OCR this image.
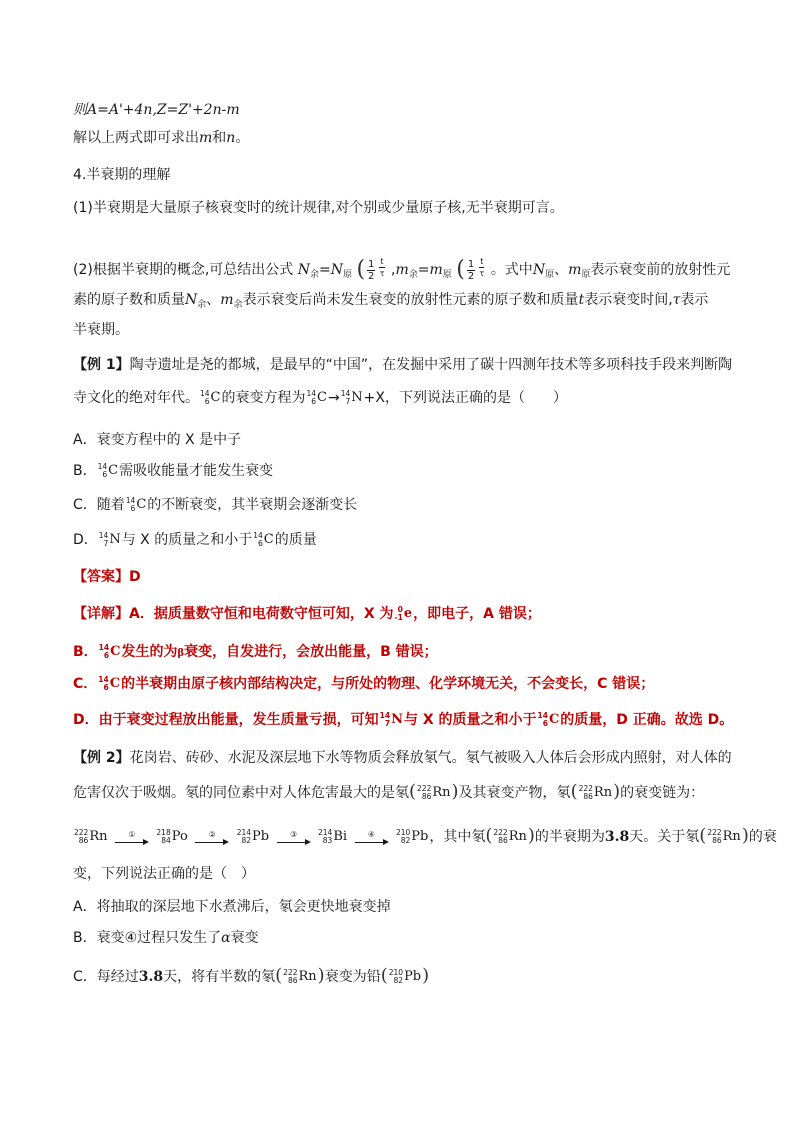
则A=A'+4n,Z=Z'+2n-m
解以上两式即可求出m和n。
4.半衰期的理解
(1)半衰期是大量原子核衰变时的统计规律,对个别或少量原子核,无半衰期可言。
(2)根据半衰期的概念,可总结出公式 $N_余=N_原$ ( $\frac{1}{2} \frac{t}{\tau} ,m_余=m_原$ ( $\frac{1}{2} \frac{t}{\tau}$ 。式中$N_原$、$m_原$表示衰变前的放射性元
素的原子数和质量$N_余$、$m_余$表示衰变后尚未发生衰变的放射性元素的原子数和质量t表示衰变时间,τ表示
半衰期。
【例 1】陶寺遗址是尧的都城，是最早的“中国”，在发掘中采用了碳十四测年技术等多项科技手段来判断陶
寺文化的绝对年代。 14
6 C 的衰变方程为 14
6 C → 14
7 N +X，下列说法正确的是（　　）
A．衰变方程中的 X 是中子
B． 14
6 C 需吸收能量才能发生衰变
C．随着 14
6 C 的不断衰变，其半衰期会逐渐变长
D． 14
7 N 与 X 的质量之和小于 14
6 C 的质量
【答案】D
【详解】A．据质量数守恒和电荷数守恒可知，X 为 0
-1 e ，即电子，A 错误；
B． 14
6 C 发生的为β衰变，自发进行，会放出能量，B 错误；
C． 14
6 C 的半衰期由原子核内部结构决定，与所处的物理、化学环境无关，不会变长，C 错误；
D．由于衰变过程放出能量，发生质量亏损，可知 14
7 N 与 X 的质量之和小于 14
6 C 的质量，D 正确。故选 D。
【例 2】花岗岩、砖砂、水泥及深层地下水等物质会释放氡气。氡气被吸入人体后会形成内照射，对人体的
危害仅次于吸烟。氡的同位素中对人体危害最大的是氡( 222
86 Rn )及其衰变产物，氡( 222
86 Rn )的衰变链为：
222
86 Rn
	①
	218
84 Po
	②
	214
82 Pb
	③
	214
83 Bi
	④
	210
82 Pb ，其中氡( 222
86 Rn )的半衰期为3.8天。关于氡( 222
86 Rn )的衰
变，下列说法正确的是（　）
A．将抽取的深层地下水煮沸后，氡会更快地衰变掉
B．衰变④过程只发生了α衰变
C．每经过3.8天，将有半数的氡( 222
86 Rn )衰变为铅( 210
82 Pb )
